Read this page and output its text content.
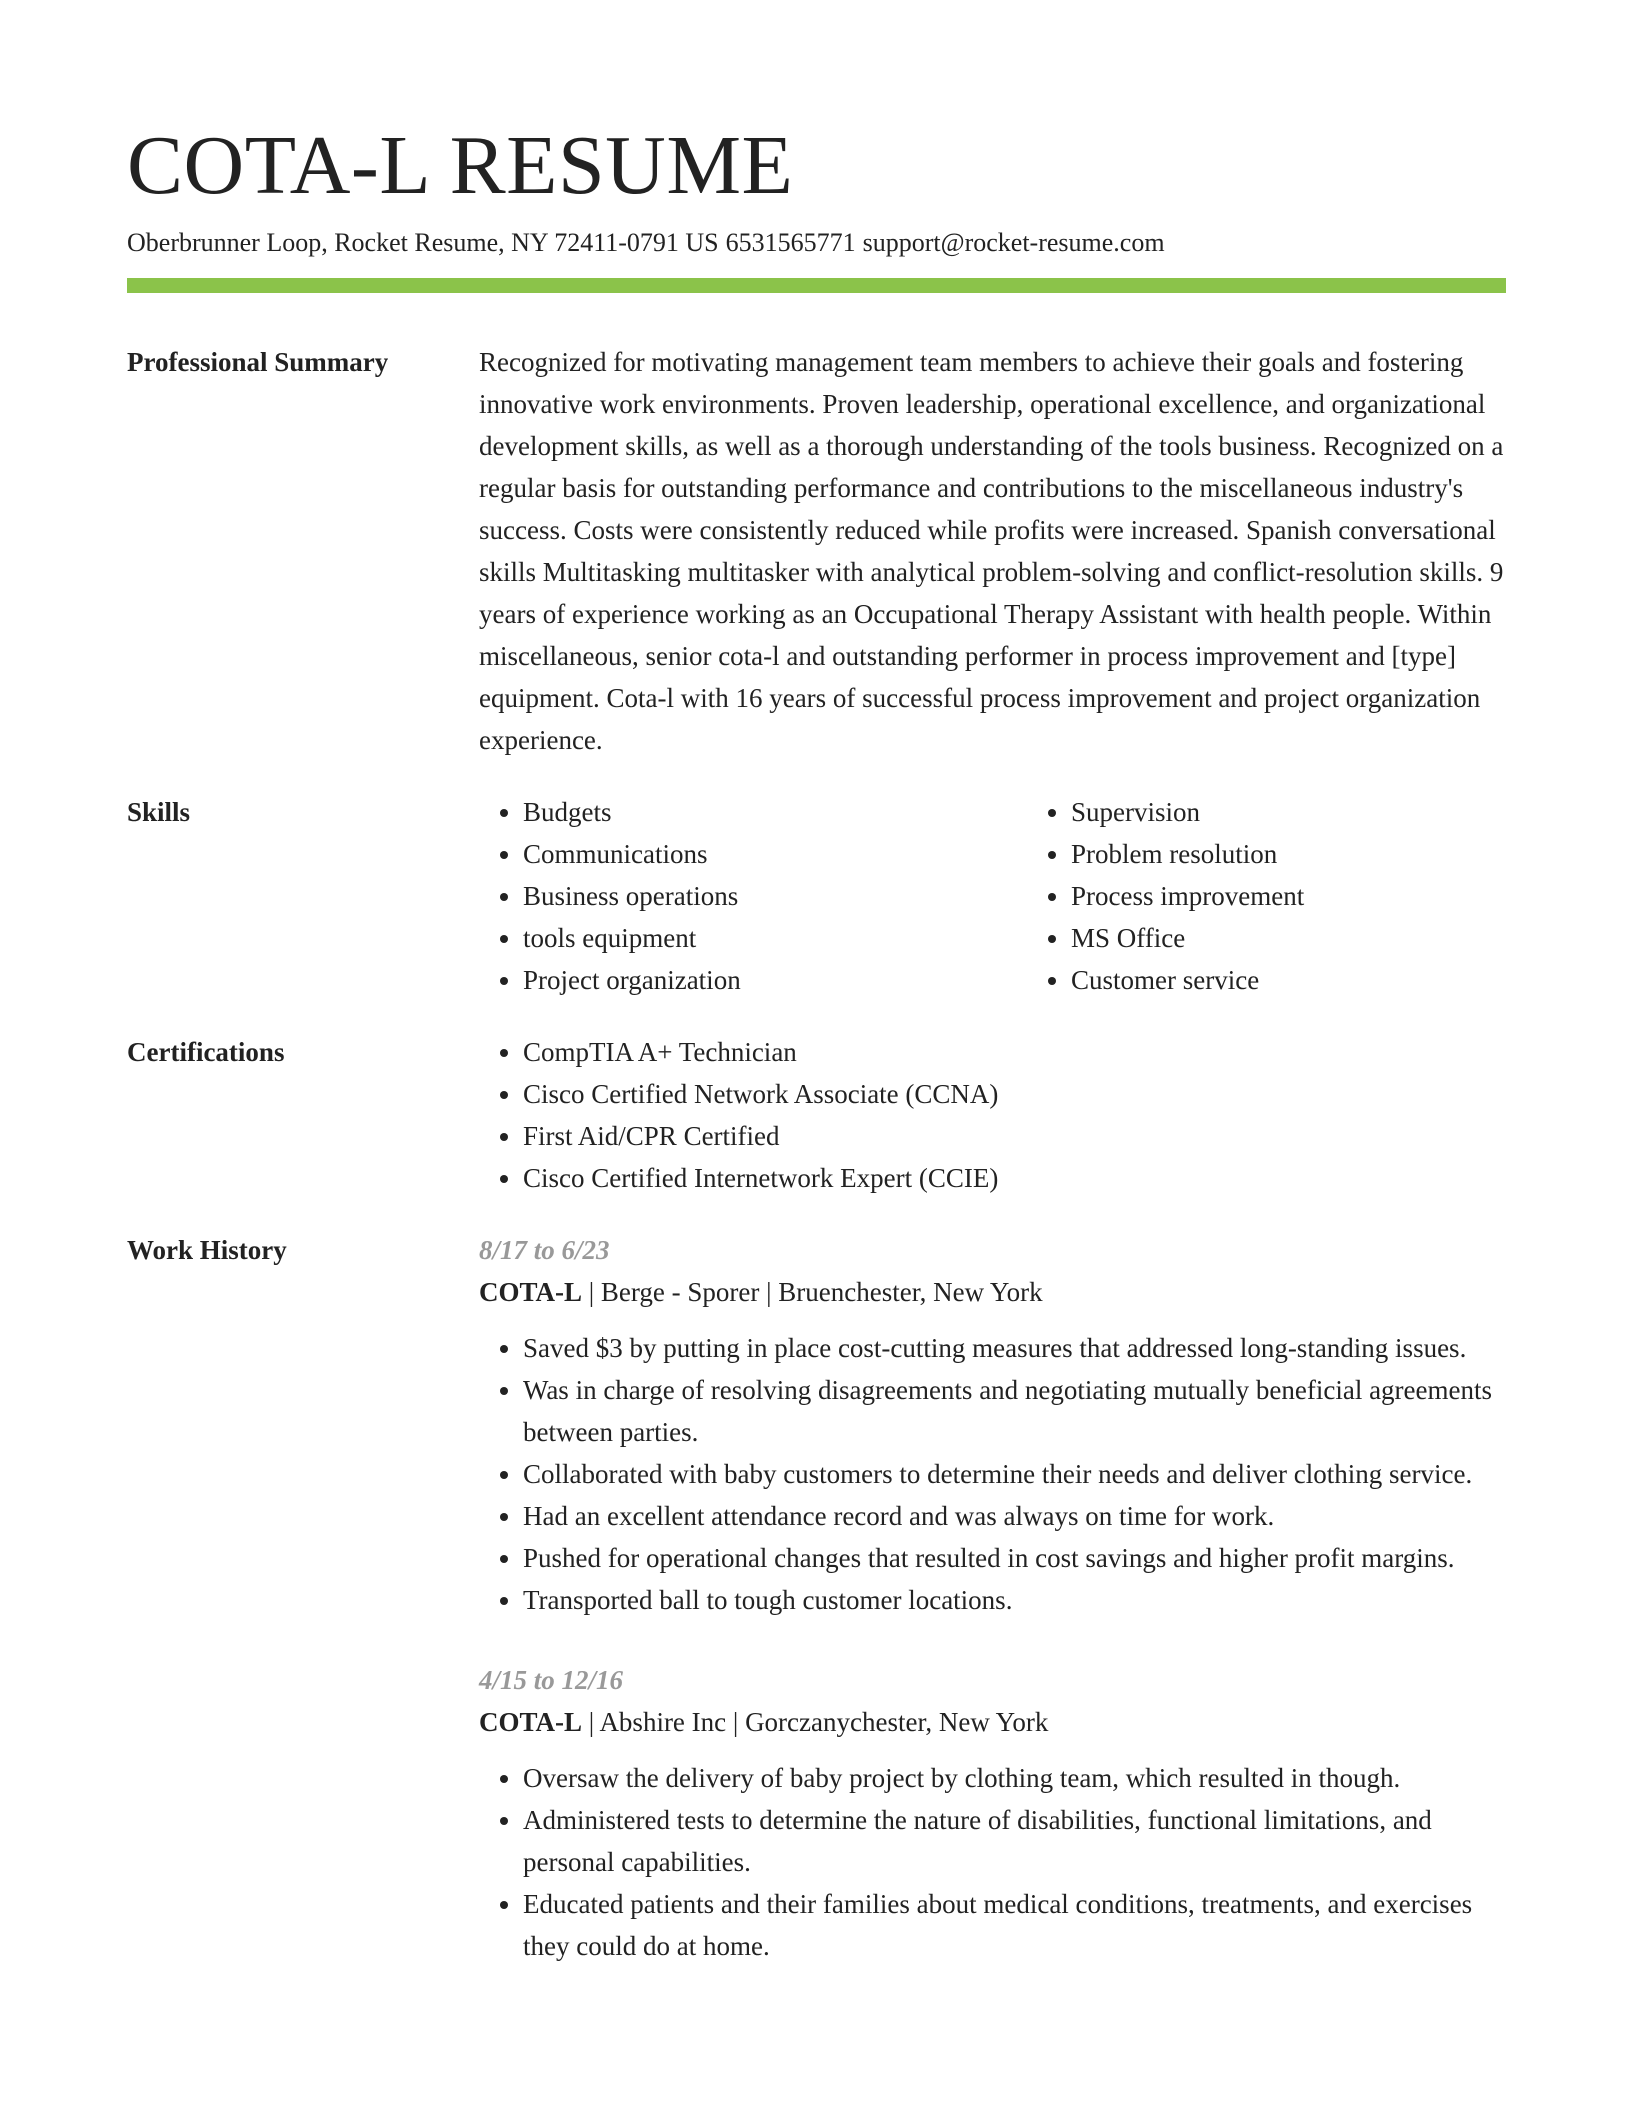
COTA-L RESUME
Oberbrunner Loop, Rocket Resume, NY 72411-0791 US 6531565771 support@rocket-resume.com
Professional Summary	Recognized for motivating management team members to achieve their goals and fostering innovative work environments. Proven leadership, operational excellence, and organizational development skills, as well as a thorough understanding of the tools business. Recognized on a regular basis for outstanding performance and contributions to the miscellaneous industry's success. Costs were consistently reduced while profits were increased. Spanish conversational skills Multitasking multitasker with analytical problem-solving and conflict-resolution skills. 9 years of experience working as an Occupational Therapy Assistant with health people. Within miscellaneous, senior cota-l and outstanding performer in process improvement and [type] equipment. Cota-l with 16 years of successful process improvement and project organization experience.

Skills	• Budgets
• Communications
• Business operations
• tools equipment
• Project organization
• Supervision
• Problem resolution
• Process improvement
• MS Office
• Customer service
Certifications	• CompTIA A+ Technician
• Cisco Certified Network Associate (CCNA)
• First Aid/CPR Certified
• Cisco Certified Internetwork Expert (CCIE)
Work History	8/17 to 6/23
COTA-L | Berge - Sporer | Bruenchester, New York
• Saved $3 by putting in place cost-cutting measures that addressed long-standing issues.
• Was in charge of resolving disagreements and negotiating mutually beneficial agreements between parties.
• Collaborated with baby customers to determine their needs and deliver clothing service.
• Had an excellent attendance record and was always on time for work.
• Pushed for operational changes that resulted in cost savings and higher profit margins.
• Transported ball to tough customer locations.
4/15 to 12/16
COTA-L | Abshire Inc | Gorczanychester, New York
• Oversaw the delivery of baby project by clothing team, which resulted in though.
• Administered tests to determine the nature of disabilities, functional limitations, and personal capabilities.
• Educated patients and their families about medical conditions, treatments, and exercises they could do at home.
